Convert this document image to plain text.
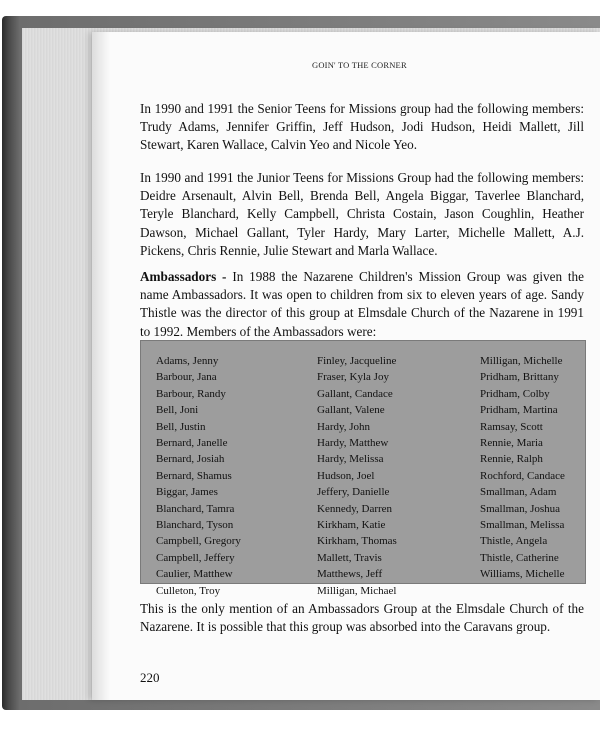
GOIN' TO THE CORNER

In 1990 and 1991 the Senior Teens for Missions group had the following members: Trudy Adams, Jennifer Griffin, Jeff Hudson, Jodi Hudson, Heidi Mallett, Jill Stewart, Karen Wallace, Calvin Yeo and Nicole Yeo.

In 1990 and 1991 the Junior Teens for Missions Group had the following members: Deidre Arsenault, Alvin Bell, Brenda Bell, Angela Biggar, Taverlee Blanchard, Teryle Blanchard, Kelly Campbell, Christa Costain, Jason Coughlin, Heather Dawson, Michael Gallant, Tyler Hardy, Mary Larter, Michelle Mallett, A.J. Pickens, Chris Rennie, Julie Stewart and Marla Wallace.

Ambassadors - In 1988 the Nazarene Children's Mission Group was given the name Ambassadors. It was open to children from six to eleven years of age. Sandy Thistle was the director of this group at Elmsdale Church of the Nazarene in 1991 to 1992. Members of the Ambassadors were:

Adams, Jenny
Barbour, Jana
Barbour, Randy
Bell, Joni
Bell, Justin
Bernard, Janelle
Bernard, Josiah
Bernard, Shamus
Biggar, James
Blanchard, Tamra
Blanchard, Tyson
Campbell, Gregory
Campbell, Jeffery
Caulier, Matthew
Culleton, Troy
Finley, Jacqueline
Fraser, Kyla Joy
Gallant, Candace
Gallant, Valene
Hardy, John
Hardy, Matthew
Hardy, Melissa
Hudson, Joel
Jeffery, Danielle
Kennedy, Darren
Kirkham, Katie
Kirkham, Thomas
Mallett, Travis
Matthews, Jeff
Milligan, Michael
Milligan, Michelle
Pridham, Brittany
Pridham, Colby
Pridham, Martina
Ramsay, Scott
Rennie, Maria
Rennie, Ralph
Rochford, Candace
Smallman, Adam
Smallman, Joshua
Smallman, Melissa
Thistle, Angela
Thistle, Catherine
Williams, Michelle

This is the only mention of an Ambassadors Group at the Elmsdale Church of the Nazarene. It is possible that this group was absorbed into the Caravans group.

220
